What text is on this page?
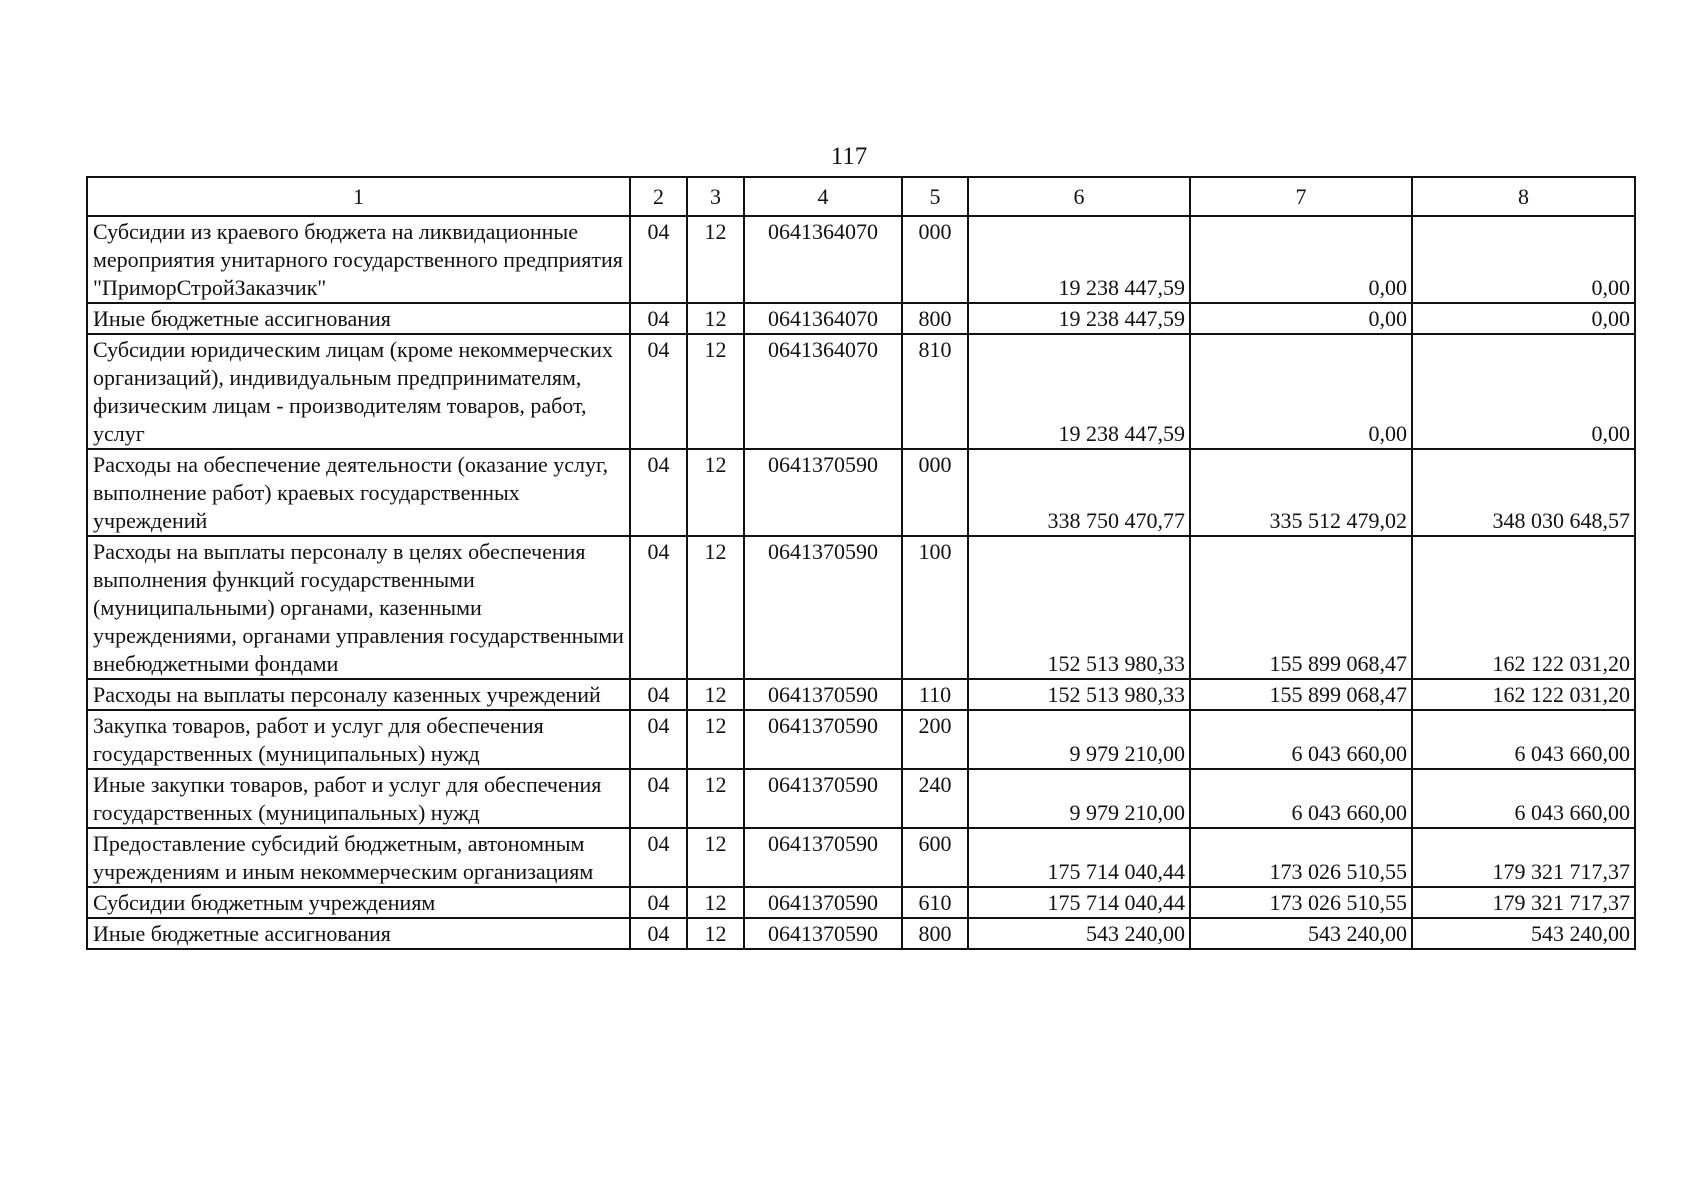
117
1	2	3	4	5	6	7	8
Субсидии из краевого бюджета на ликвидационные мероприятия унитарного государственного предприятия "ПриморСтройЗаказчик"	04	12	0641364070	000	19 238 447,59	0,00	0,00
Иные бюджетные ассигнования	04	12	0641364070	800	19 238 447,59	0,00	0,00
Субсидии юридическим лицам (кроме некоммерческих организаций), индивидуальным предпринимателям, физическим лицам - производителям товаров, работ, услуг	04	12	0641364070	810	19 238 447,59	0,00	0,00
Расходы на обеспечение деятельности (оказание услуг, выполнение работ) краевых государственных учреждений	04	12	0641370590	000	338 750 470,77	335 512 479,02	348 030 648,57
Расходы на выплаты персоналу в целях обеспечения выполнения функций государственными (муниципальными) органами, казенными учреждениями, органами управления государственными внебюджетными фондами	04	12	0641370590	100	152 513 980,33	155 899 068,47	162 122 031,20
Расходы на выплаты персоналу казенных учреждений	04	12	0641370590	110	152 513 980,33	155 899 068,47	162 122 031,20
Закупка товаров, работ и услуг для обеспечения государственных (муниципальных) нужд	04	12	0641370590	200	9 979 210,00	6 043 660,00	6 043 660,00
Иные закупки товаров, работ и услуг для обеспечения государственных (муниципальных) нужд	04	12	0641370590	240	9 979 210,00	6 043 660,00	6 043 660,00
Предоставление субсидий бюджетным, автономным учреждениям и иным некоммерческим организациям	04	12	0641370590	600	175 714 040,44	173 026 510,55	179 321 717,37
Субсидии бюджетным учреждениям	04	12	0641370590	610	175 714 040,44	173 026 510,55	179 321 717,37
Иные бюджетные ассигнования	04	12	0641370590	800	543 240,00	543 240,00	543 240,00
